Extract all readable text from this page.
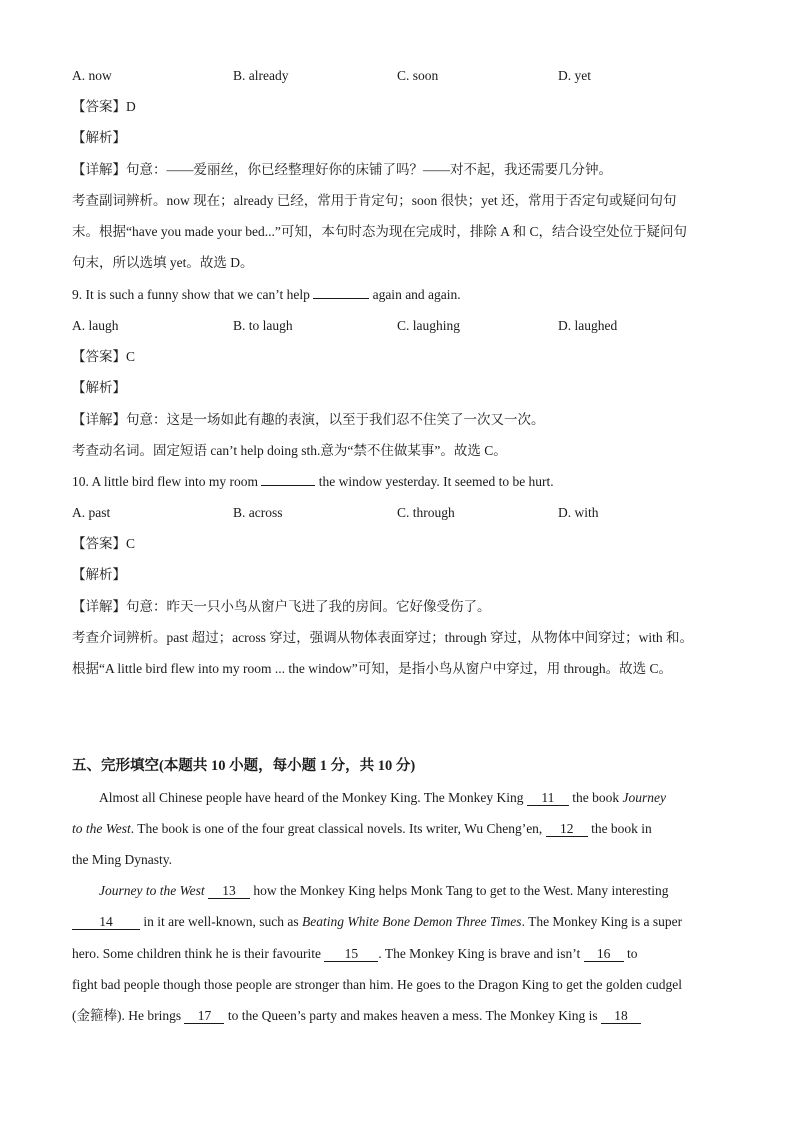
A. now	B. already	C. soon	D. yet
【答案】D
【解析】
【详解】句意：——爱丽丝，你已经整理好你的床铺了吗？——对不起，我还需要几分钟。
考查副词辨析。now 现在；already 已经，常用于肯定句；soon 很快；yet 还，常用于否定句或疑问句句
末。根据“have you made your bed...”可知，本句时态为现在完成时，排除 A 和 C，结合设空处位于疑问句
句末，所以选填 yet。故选 D。
9. It is such a funny show that we can’t help	again and again.
A. laugh	B. to laugh	C. laughing	D. laughed
【答案】C
【解析】
【详解】句意：这是一场如此有趣的表演，以至于我们忍不住笑了一次又一次。
考查动名词。固定短语 can’t help doing sth.意为“禁不住做某事”。故选 C。
10. A little bird flew into my room	the window yesterday. It seemed to be hurt.
A. past	B. across	C. through	D. with
【答案】C
【解析】
【详解】句意：昨天一只小鸟从窗户飞进了我的房间。它好像受伤了。
考查介词辨析。past 超过；across 穿过，强调从物体表面穿过；through 穿过，从物体中间穿过；with 和。
根据“A little bird flew into my room ... the window”可知，是指小鸟从窗户中穿过，用 through。故选 C。
五、完形填空(本题共 10 小题，每小题 1 分，共 10 分)
Almost all Chinese people have heard of the Monkey King. The Monkey King 11 the book Journey
to the West. The book is one of the four great classical novels. Its writer, Wu Cheng’en, 12 the book in
the Ming Dynasty.
Journey to the West 13 how the Monkey King helps Monk Tang to get to the West. Many interesting
14 in it are well-known, such as Beating White Bone Demon Three Times. The Monkey King is a super
hero. Some children think he is their favourite 15 . The Monkey King is brave and isn’t 16 to
fight bad people though those people are stronger than him. He goes to the Dragon King to get the golden cudgel
(金箍棒). He brings 17 to the Queen’s party and makes heaven a mess. The Monkey King is 18
